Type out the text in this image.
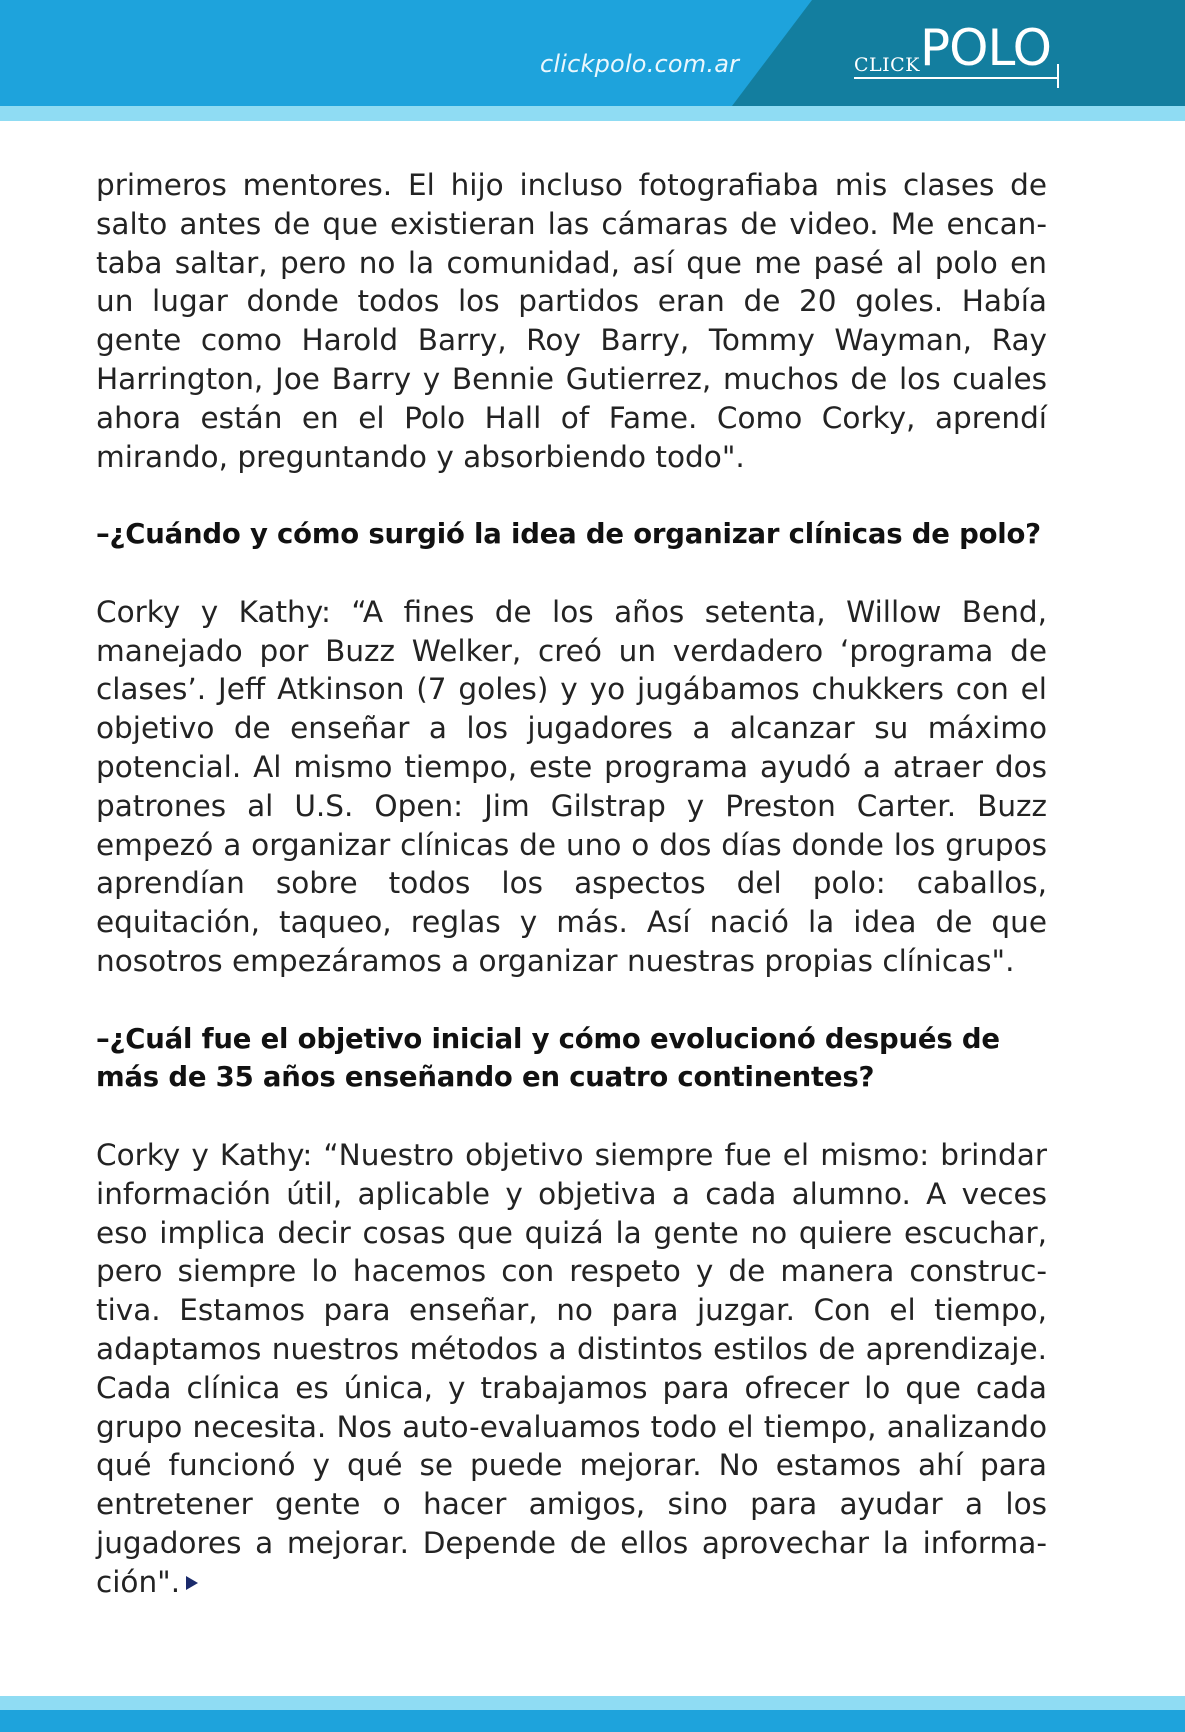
clickpolo.com.ar	CLICK POLO

primeros mentores. El hijo incluso fotografiaba mis clases de salto antes de que existieran las cámaras de video. Me encantaba saltar, pero no la comunidad, así que me pasé al polo en un lugar donde todos los partidos eran de 20 goles. Había gente como Harold Barry, Roy Barry, Tommy Wayman, Ray Harrington, Joe Barry y Bennie Gutierrez, muchos de los cuales ahora están en el Polo Hall of Fame. Como Corky, aprendí mirando, preguntando y absorbiendo todo".

–¿Cuándo y cómo surgió la idea de organizar clínicas de polo?

Corky y Kathy: “A fines de los años setenta, Willow Bend, manejado por Buzz Welker, creó un verdadero ‘programa de clases’. Jeff Atkinson (7 goles) y yo jugábamos chukkers con el objetivo de enseñar a los jugadores a alcanzar su máximo potencial. Al mismo tiempo, este programa ayudó a atraer dos patrones al U.S. Open: Jim Gilstrap y Preston Carter. Buzz empezó a organizar clínicas de uno o dos días donde los grupos aprendían sobre todos los aspectos del polo: caballos, equitación, taqueo, reglas y más. Así nació la idea de que nosotros empezáramos a organizar nuestras propias clínicas".

–¿Cuál fue el objetivo inicial y cómo evolucionó después de más de 35 años enseñando en cuatro continentes?

Corky y Kathy: “Nuestro objetivo siempre fue el mismo: brindar información útil, aplicable y objetiva a cada alumno. A veces eso implica decir cosas que quizá la gente no quiere escuchar, pero siempre lo hacemos con respeto y de manera constructiva. Estamos para enseñar, no para juzgar. Con el tiempo, adaptamos nuestros métodos a distintos estilos de aprendizaje. Cada clínica es única, y trabajamos para ofrecer lo que cada grupo necesita. Nos auto-evaluamos todo el tiempo, analizando qué funcionó y qué se puede mejorar. No estamos ahí para entretener gente o hacer amigos, sino para ayudar a los jugadores a mejorar. Depende de ellos aprovechar la información".
